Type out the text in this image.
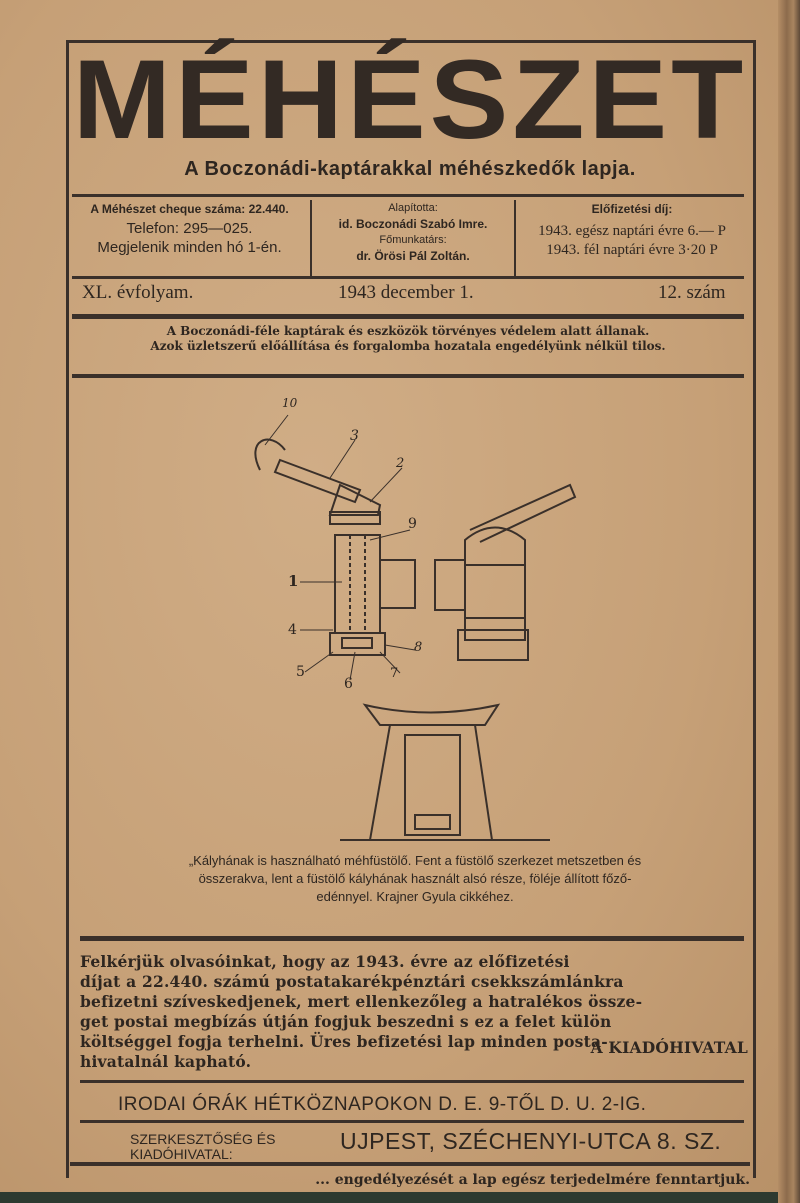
MÉHÉSZET
A Boczonádi-kaptárakkal méhészkedők lapja.
A Méhészet cheque száma: 22.440.
Telefon: 295—025.
Megjelenik minden hó 1-én.
Alapította:
id. Boczonádi Szabó Imre.
Főmunkatárs:
dr. Örösi Pál Zoltán.
Előfizetési díj:
1943. egész naptári évre 6.— P
1943. fél naptári évre 3·20 P
XL. évfolyam.	1943 december 1.	12. szám
A Boczonádi-féle kaptárak és eszközök törvényes védelem alatt állanak.
Azok üzletszerű előállítása és forgalomba hozatala engedélyünk nélkül tilos.
10
3
2
9
1
4
5
6
7
8
„Kályhának is használható méhfüstölő. Fent a füstölő szerkezet metszetben és
összerakva, lent a füstölő kályhának használt alsó része, föléje állított főző-
edénnyel. Krajner Gyula cikkéhez.
Felkérjük olvasóinkat, hogy az 1943. évre az előfizetési
díjat a 22.440. számú postatakarékpénztári csekkszámlánkra
befizetni szíveskedjenek, mert ellenkezőleg a hatralékos össze-
get postai megbízás útján fogjuk beszedni s ez a felet külön
költséggel fogja terhelni. Üres befizetési lap minden posta-
hivatalnál kapható.
A KIADÓHIVATAL
IRODAI ÓRÁK HÉTKÖZNAPOKON D. E. 9-TŐL D. U. 2-IG.
SZERKESZTŐSÉG ÉS
KIADÓHIVATAL:	UJPEST, SZÉCHENYI-UTCA 8. SZ.
... engedélyezését a lap egész terjedelmére fenntartjuk.
